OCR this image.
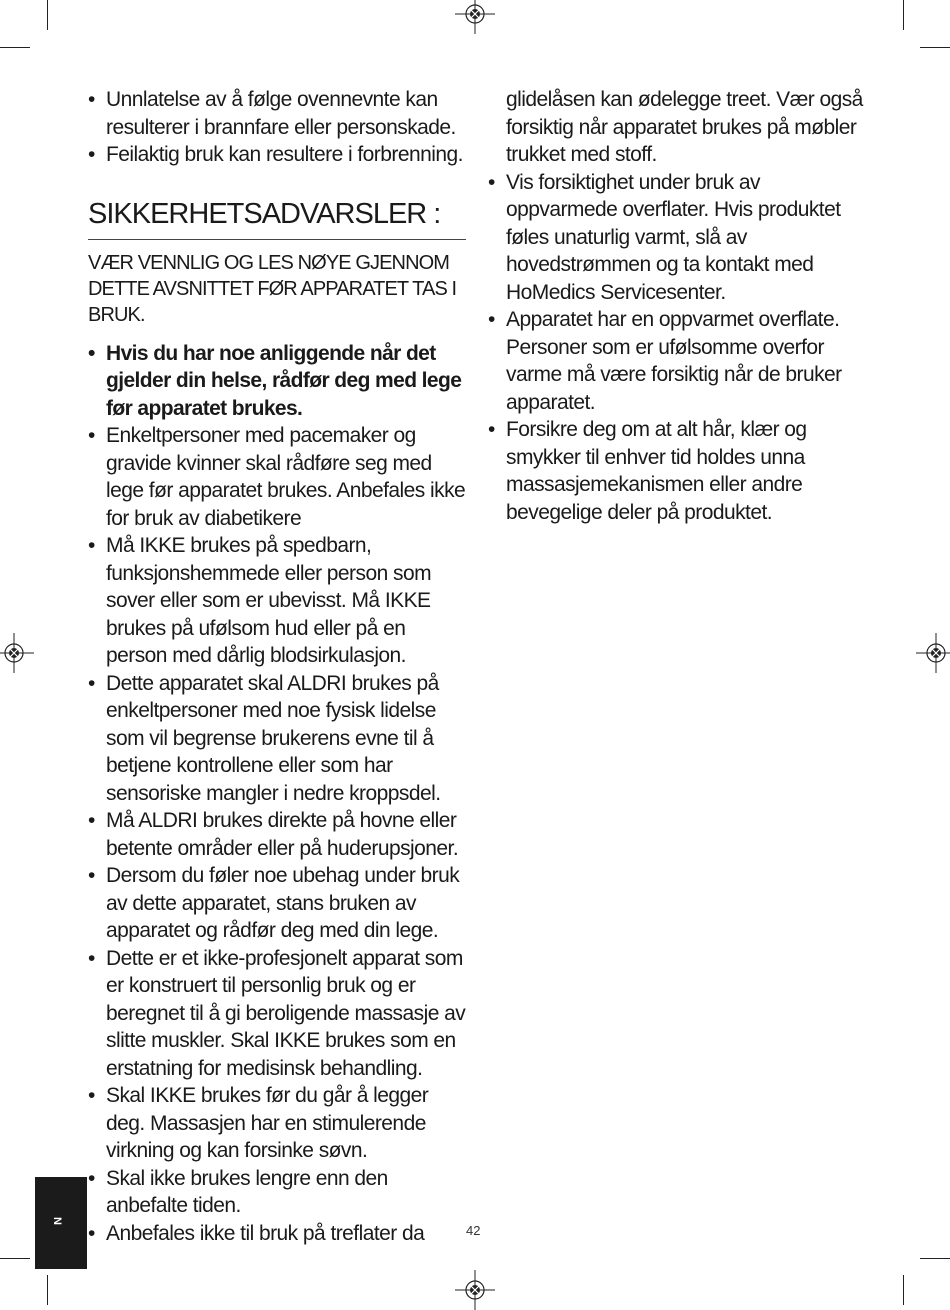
• Unnlatelse av å følge ovennevnte kan resulterer i brannfare eller personskade.
• Feilaktig bruk kan resultere i forbrenning.
SIKKERHETSADVARSLER :

VÆR VENNLIG OG LES NØYE GJENNOM DETTE AVSNITTET FØR APPARATET TAS I BRUK.

• Hvis du har noe anliggende når det gjelder din helse, rådfør deg med lege før apparatet brukes.
• Enkeltpersoner med pacemaker og gravide kvinner skal rådføre seg med lege før apparatet brukes. Anbefales ikke for bruk av diabetikere
• Må IKKE brukes på spedbarn, funksjonshemmede eller person som sover eller som er ubevisst. Må IKKE brukes på ufølsom hud eller på en person med dårlig blodsirkulasjon.
• Dette apparatet skal ALDRI brukes på enkeltpersoner med noe fysisk lidelse som vil begrense brukerens evne til å betjene kontrollene eller som har sensoriske mangler i nedre kroppsdel.
• Må ALDRI brukes direkte på hovne eller betente områder eller på huderupsjoner.
• Dersom du føler noe ubehag under bruk av dette apparatet, stans bruken av apparatet og rådfør deg med din lege.
• Dette er et ikke-profesjonelt apparat som er konstruert til personlig bruk og er beregnet til å gi beroligende massasje av slitte muskler. Skal IKKE brukes som en erstatning for medisinsk behandling.
• Skal IKKE brukes før du går å legger deg. Massasjen har en stimulerende virkning og kan forsinke søvn.
• Skal ikke brukes lengre enn den anbefalte tiden.
• Anbefales ikke til bruk på treflater da
glidelåsen kan ødelegge treet. Vær også forsiktig når apparatet brukes på møbler trukket med stoff.
• Vis forsiktighet under bruk av oppvarmede overflater. Hvis produktet føles unaturlig varmt, slå av hovedstrømmen og ta kontakt med HoMedics Servicesenter.
• Apparatet har en oppvarmet overflate. Personer som er ufølsomme overfor varme må være forsiktig når de bruker apparatet.
• Forsikre deg om at alt hår, klær og smykker til enhver tid holdes unna massasjemekanismen eller andre bevegelige deler på produktet.
N
42
